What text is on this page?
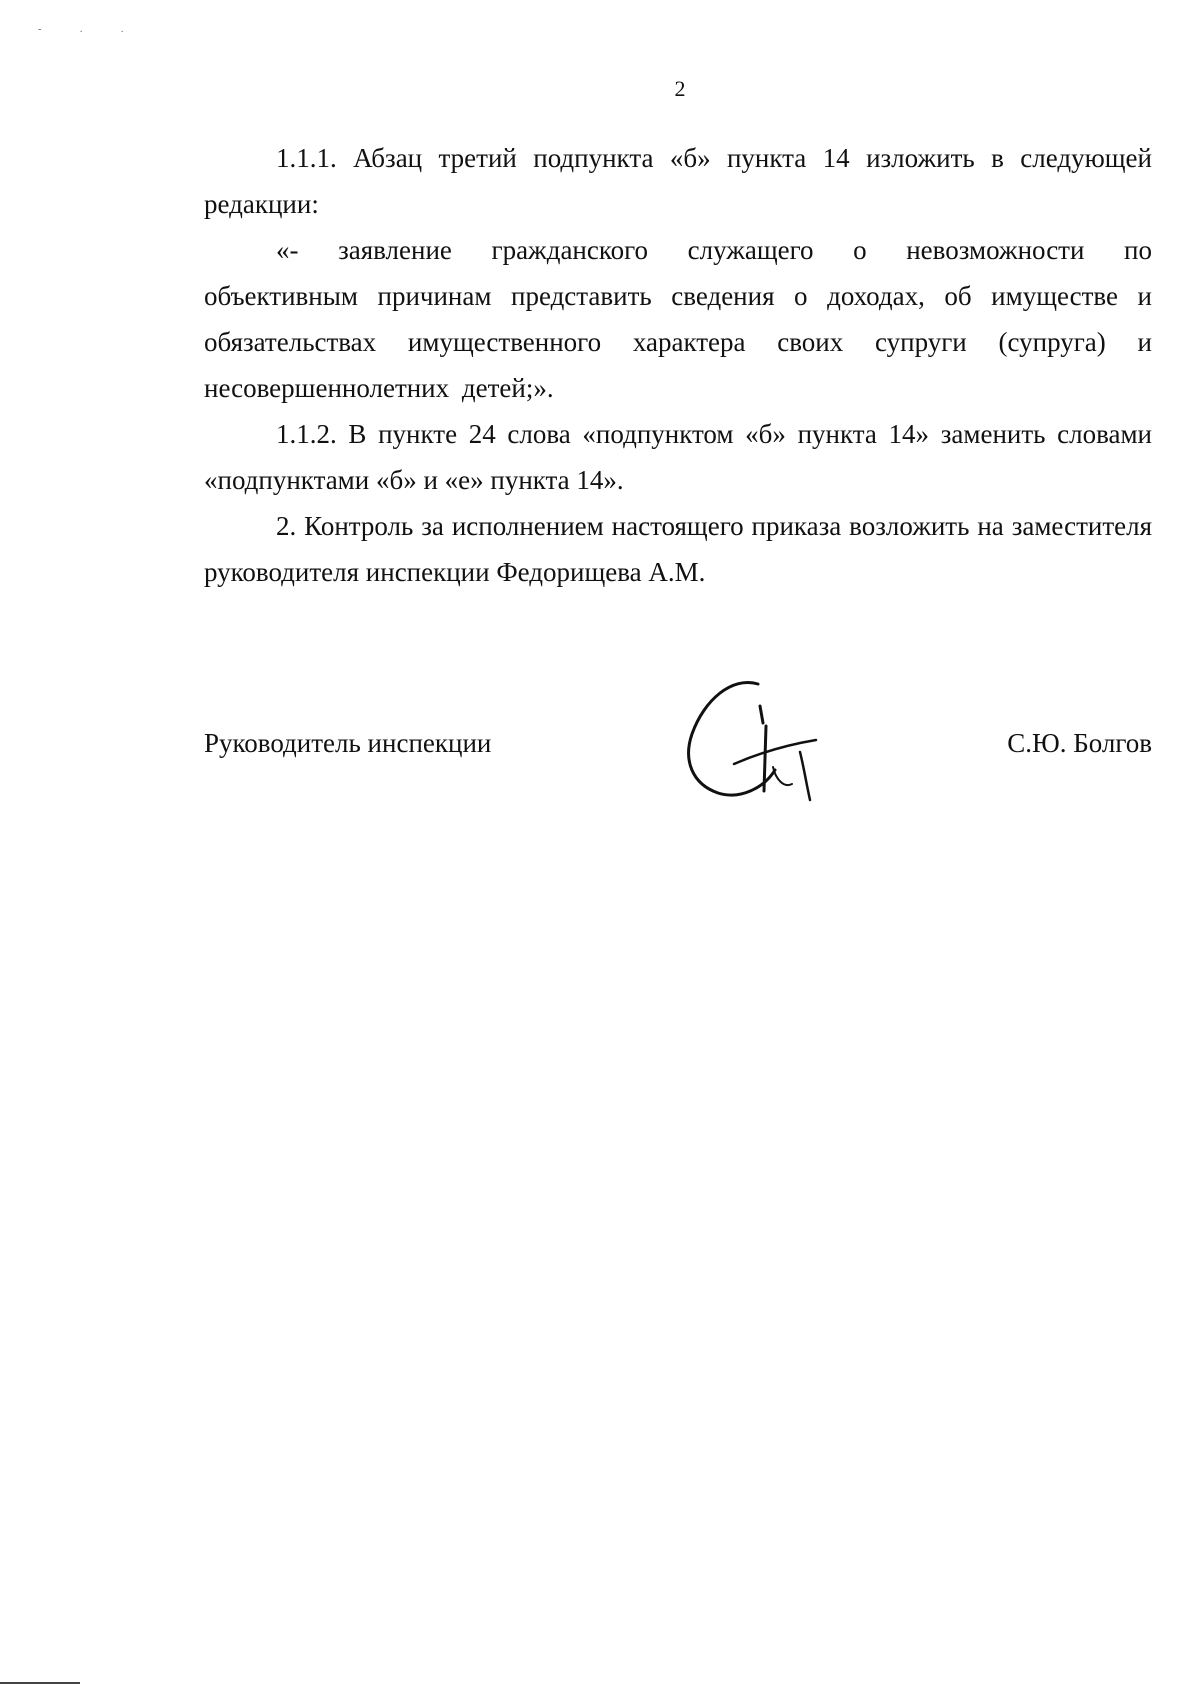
- . .
2

1.1.1. Абзац третий подпункта «б» пункта 14 изложить в следующей редакции:

«- заявление гражданского служащего о невозможности по объективным причинам представить сведения о доходах, об имуществе и обязательствах имущественного характера своих супруги (супруга) и несовершеннолетних детей;».

1.1.2. В пункте 24 слова «подпунктом «б» пункта 14» заменить словами «подпунктами «б» и «е» пункта 14».

2. Контроль за исполнением настоящего приказа возложить на заместителя руководителя инспекции Федорищева А.М.

Руководитель инспекции	С.Ю. Болгов
